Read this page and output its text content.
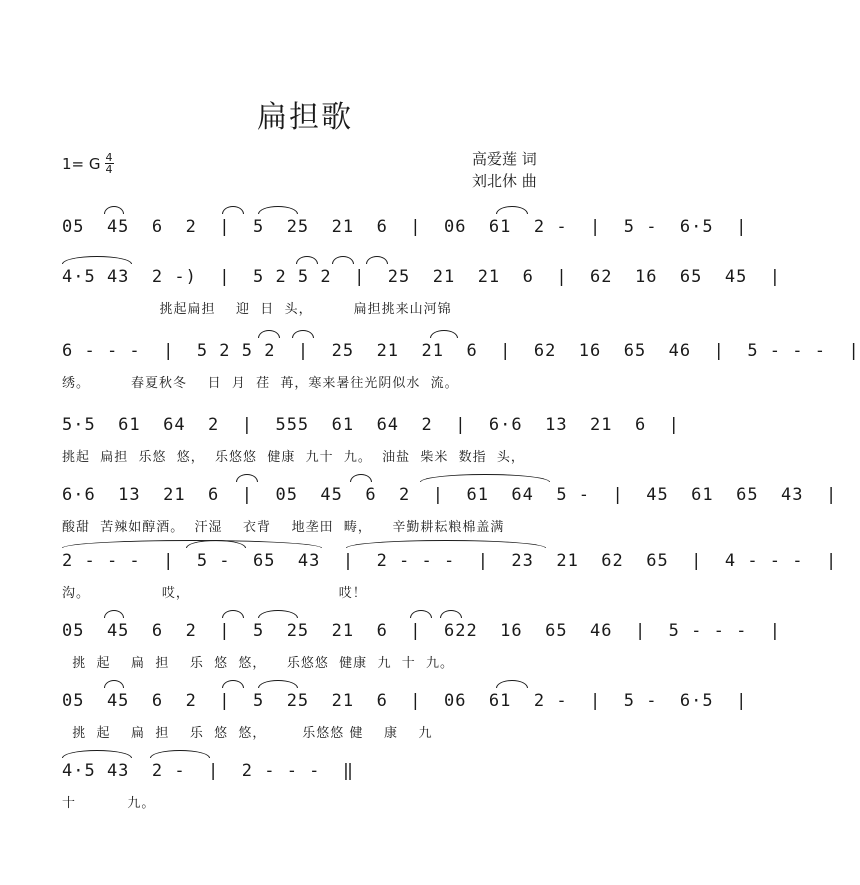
扁担歌
1= G $\frac{4}{4}$	高爱莲 词
刘北休 曲
05  45  6  2  |  5  25  21  6  |  06  61  2 -  |  5 -  6·5  |
4·5 43  2 -)  |  5 2 5 2  |  25  21  21  6  |  62  16  65  45  |
挑起扁担    迎  日  头，        扁担挑来山河锦
6 - - -  |  5 2 5 2  |  25  21  21  6  |  62  16  65  46  |  5 - - -  |
绣。        春夏秋冬    日  月  荏  苒，寒来暑往光阴似水  流。
5·5  61  64  2  |  555  61  64  2  |  6·6  13  21  6  |
挑起  扁担  乐悠  悠，  乐悠悠  健康  九十  九。  油盐  柴米  数指  头，
6·6  13  21  6  |  05  45  6  2  |  61  64  5 -  |  45  61  65  43  |
酸甜  苦辣如醇酒。  汗湿    衣背    地垄田  畴，    辛勤耕耘粮棉盖满
2 - - -  |  5 -  65  43  |  2 - - -  |  23  21  62  65  |  4 - - -  |
沟。              哎，                             哎！
05  45  6  2  |  5  25  21  6  |  622  16  65  46  |  5 - - -  |
挑  起    扁  担    乐  悠  悠，    乐悠悠  健康  九  十  九。
05  45  6  2  |  5  25  21  6  |  06  61  2 -  |  5 -  6·5  |
挑  起    扁  担    乐  悠  悠，       乐悠悠 健    康    九
4·5 43  2 -  |  2 - - -  ‖
十          九。
